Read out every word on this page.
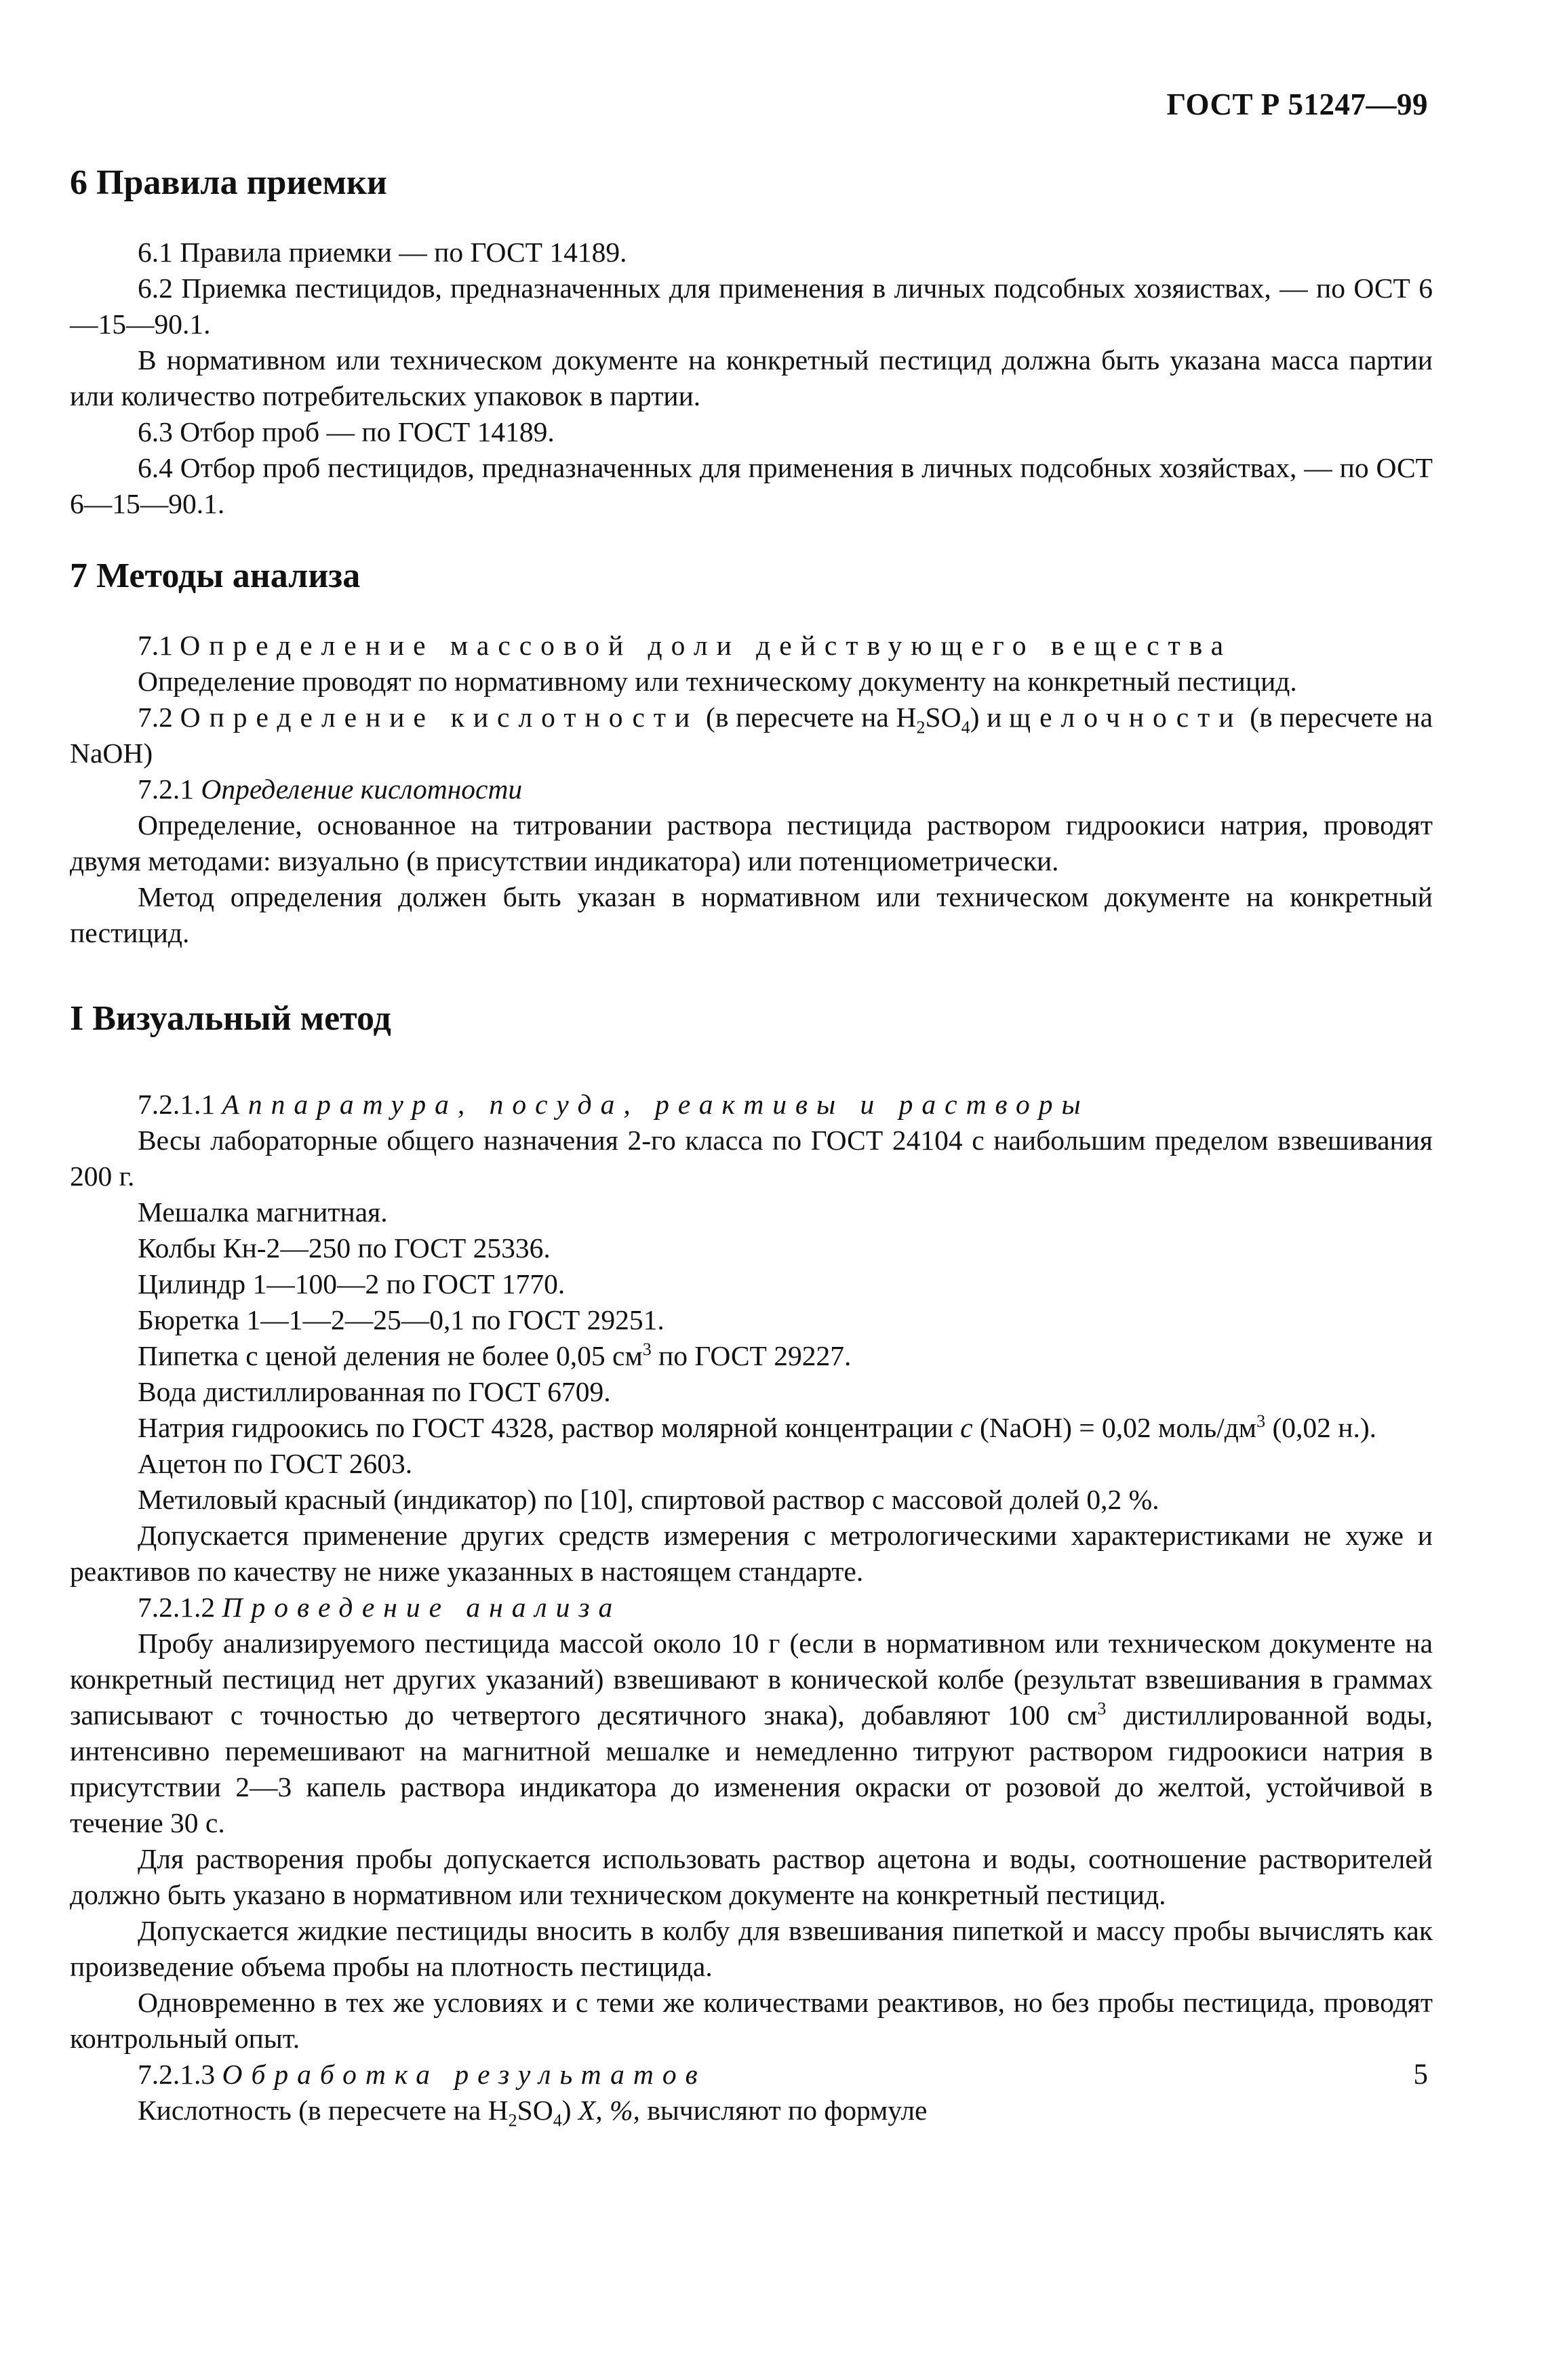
ГОСТ Р 51247—99
6 Правила приемки

6.1 Правила приемки — по ГОСТ 14189.

6.2 Приемка пестицидов, предназначенных для применения в личных подсобных хозяиствах, — по ОСТ 6—15—90.1.

В нормативном или техническом документе на конкретный пестицид должна быть указана масса партии или количество потребительских упаковок в партии.

6.3 Отбор проб — по ГОСТ 14189.

6.4 Отбор проб пестицидов, предназначенных для применения в личных подсобных хозяйствах, — по ОСТ 6—15—90.1.

7 Методы анализа

7.1 Определение массовой доли действующего вещества

Определение проводят по нормативному или техническому документу на конкретный пестицид.

7.2 Определение кислотности (в пересчете на $H_2SO_4$) и щелочности (в пересчете на NaOH)

7.2.1 Определение кислотности

Определение, основанное на титровании раствора пестицида раствором гидроокиси натрия, проводят двумя методами: визуально (в присутствии индикатора) или потенциометрически.

Метод определения должен быть указан в нормативном или техническом документе на конкретный пестицид.

I Визуальный метод

7.2.1.1 Аппаратура, посуда, реактивы и растворы

Весы лабораторные общего назначения 2-го класса по ГОСТ 24104 с наибольшим пределом взвешивания 200 г.

Мешалка магнитная.

Колбы Кн-2—250 по ГОСТ 25336.

Цилиндр 1—100—2 по ГОСТ 1770.

Бюретка 1—1—2—25—0,1 по ГОСТ 29251.

Пипетка с ценой деления не более 0,05 $см^3$ по ГОСТ 29227.

Вода дистиллированная по ГОСТ 6709.

Натрия гидроокись по ГОСТ 4328, раствор молярной концентрации с (NaOH) = 0,02 моль/$дм^3$ (0,02 н.).

Ацетон по ГОСТ 2603.

Метиловый красный (индикатор) по [10], спиртовой раствор с массовой долей 0,2 %.

Допускается применение других средств измерения с метрологическими характеристиками не хуже и реактивов по качеству не ниже указанных в настоящем стандарте.

7.2.1.2 Проведение анализа

Пробу анализируемого пестицида массой около 10 г (если в нормативном или техническом документе на конкретный пестицид нет других указаний) взвешивают в конической колбе (результат взвешивания в граммах записывают с точностью до четвертого десятичного знака), добавляют 100 $см^3$ дистиллированной воды, интенсивно перемешивают на магнитной мешалке и немедленно титруют раствором гидроокиси натрия в присутствии 2—3 капель раствора индикатора до изменения окраски от розовой до желтой, устойчивой в течение 30 с.

Для растворения пробы допускается использовать раствор ацетона и воды, соотношение растворителей должно быть указано в нормативном или техническом документе на конкретный пестицид.

Допускается жидкие пестициды вносить в колбу для взвешивания пипеткой и массу пробы вычислять как произведение объема пробы на плотность пестицида.

Одновременно в тех же условиях и с теми же количествами реактивов, но без пробы пестицида, проводят контрольный опыт.

7.2.1.3 Обработка результатов

Кислотность (в пересчете на $H_2SO_4$) X, %, вычисляют по формуле

5
